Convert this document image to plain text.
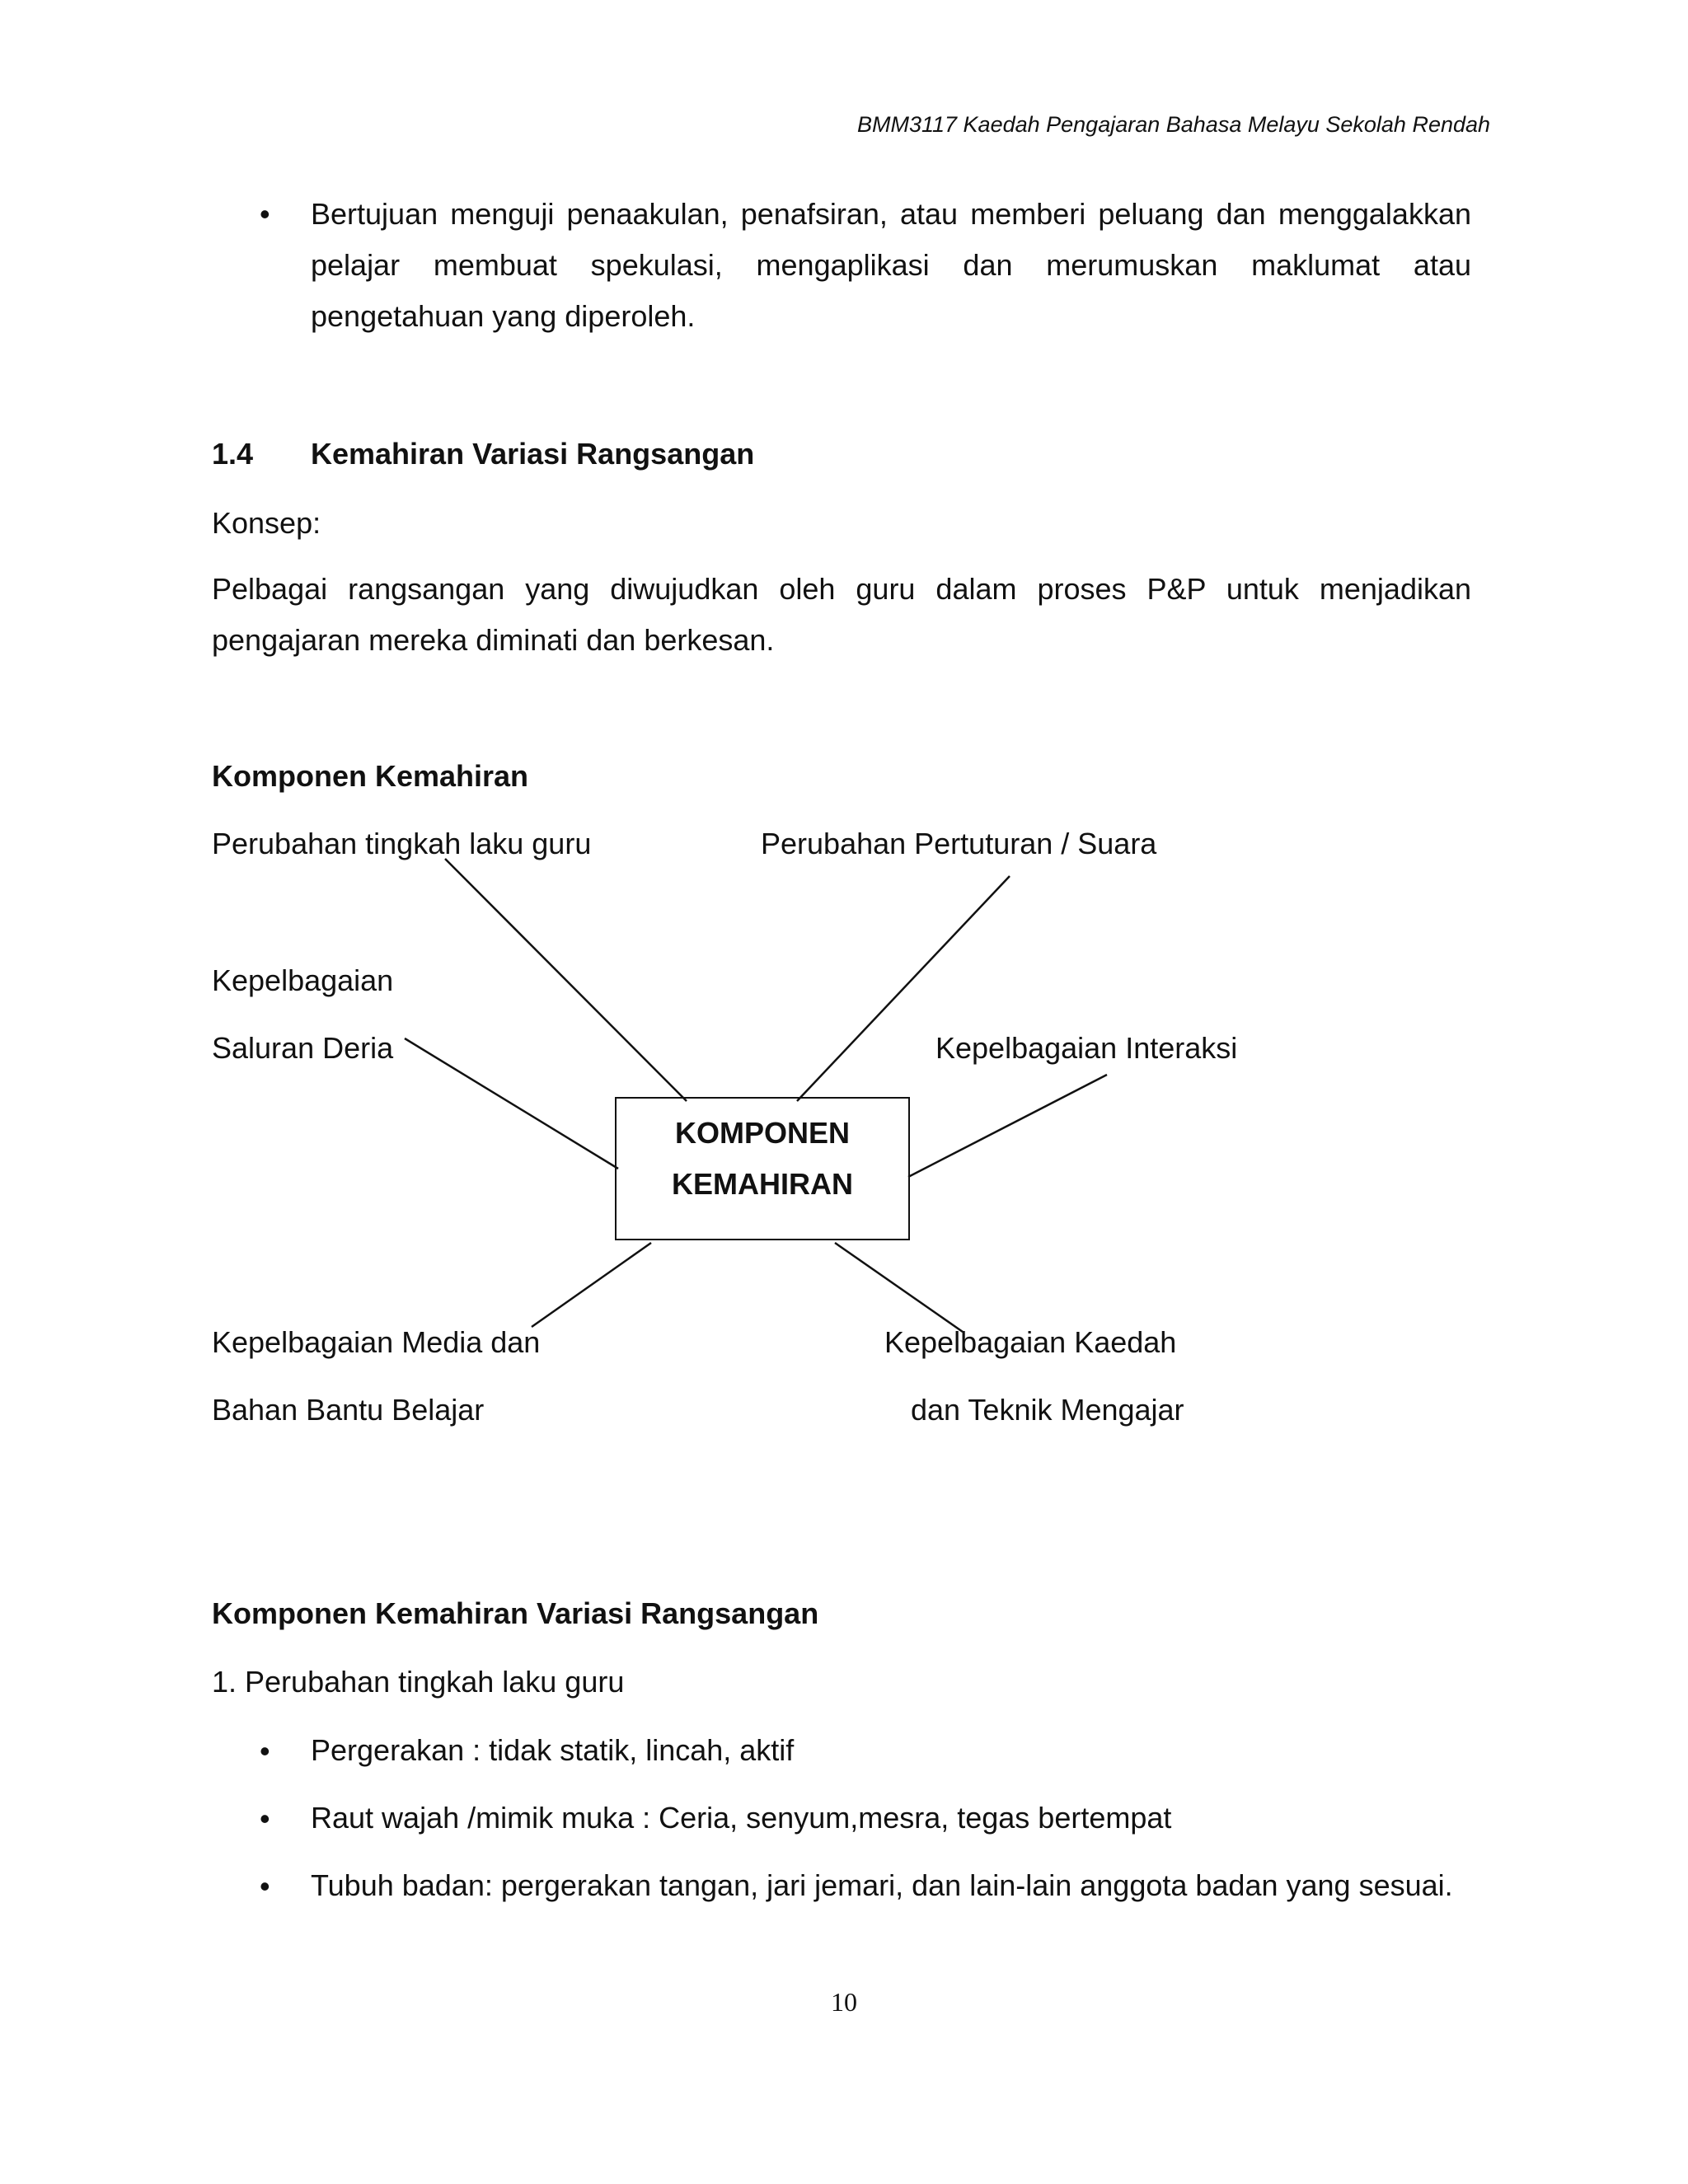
BMM3117 Kaedah Pengajaran Bahasa Melayu Sekolah Rendah
• Bertujuan menguji penaakulan, penafsiran, atau memberi peluang dan menggalakkan pelajar membuat spekulasi, mengaplikasi dan merumuskan maklumat atau pengetahuan yang diperoleh.
1.4 Kemahiran Variasi Rangsangan
Konsep:
Pelbagai rangsangan yang diwujudkan oleh guru dalam proses P&P untuk menjadikan pengajaran mereka diminati dan berkesan.
Komponen Kemahiran
KOMPONEN
KEMAHIRAN
Perubahan tingkah laku guru	Perubahan Pertuturan / Suara
Kepelbagaian
Saluran Deria	Kepelbagaian Interaksi
Kepelbagaian Media dan
Bahan Bantu Belajar
Kepelbagaian Kaedah
dan Teknik Mengajar
Komponen Kemahiran Variasi Rangsangan
1. Perubahan tingkah laku guru
• Pergerakan : tidak statik, lincah, aktif
• Raut wajah /mimik muka : Ceria, senyum,mesra, tegas bertempat
• Tubuh badan: pergerakan tangan, jari jemari, dan lain-lain anggota badan yang sesuai.
10
